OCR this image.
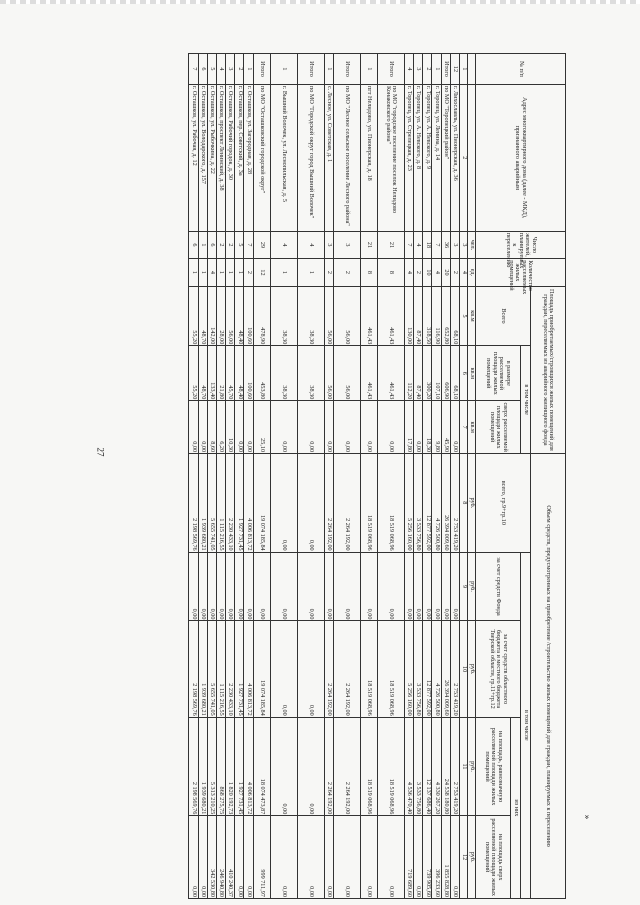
27
»
№ п/п	Адрес многоквартирного дома (далее - МКД), признанного аварийным	Число жителей, планируемых к переселению	Количество расселяемых жилых помещений	Площадь приобретаемых/строящихся жилых помещений для граждан, переселяемых из аварийного жилищного фонда			Объем средств, предусмотренных на приобретение /строительство жилых помещений для граждан, планируемых к переселению				
				Всего	в том числе		всего, гр.9+гр.10	в том числе			
					в размере расселяемой площади жилых помещений	сверх расселяемой площади жилых помещений		за счет средств Фонда	за счет средств областного бюджета и местного бюджета Тверской области, гр.11+гр.12	из них	
										на площадь, равнозначную расселяемой площади жилых помещений	на площадь сверх расселяемой площади жилых помещений
		чел.	ед.	кв.м	кв.м	кв.м	руб.	руб.	руб.	руб.	руб.
1	2	3	4	5	6	7	8	9	10	11	12
12	г. Лихославль, ул. Пионерская, д. 36	3	2	68,10	68,10	0,00	2 753 419,20	0,00	2 753 419,20	2 753 419,20	0,00
Итого	по МО "Торопецкий район"	36	20	652,80	606,90	45,90	26 394 009,60	0,00	26 394 009,60	24 538 180,80	1 855 828,80
1	г. Торопец, ул. Ленина, д. 14	7	4	116,90	107,10	9,80	4 726 500,80	0,00	4 726 500,80	4 330 267,20	396 233,60
2	г. Торопец, ул. А. Невского, д. 9	18	10	318,50	300,20	18,30	12 877 592,00	0,00	12 877 592,00	12 137 686,40	739 905,60
3	г. Торопец, ул. А. Невского, д. 8	4	2	87,40	87,40	0,00	3 533 756,80	0,00	3 533 756,80	3 533 756,80	0,00
4	г. Торопец, ул. Стрелецкая, д. 23	7	4	130,00	112,20	17,80	5 256 160,00	0,00	5 256 160,00	4 536 470,40	719 689,60
Итого	по МО "городское поселение поселок Нелидово Конаковского района"	21	8	461,43	461,43	0,00	18 519 068,96	0,00	18 519 068,96	18 519 068,96	0,00
1	пгт Нелидово, ул. Пионерская, д. 18	21	8	461,43	461,43	0,00	18 519 068,96	0,00	18 519 068,96	18 519 068,96	0,00
Итого	по МО "Лесное сельское поселение Лесного района"	3	2	56,00	56,00	0,00	2 264 192,00	0,00	2 264 192,00	2 264 192,00	0,00
1	с. Лесное, ул. Советская, д. 1	3	2	56,00	56,00	0,00	2 264 192,00	0,00	2 264 192,00	2 264 192,00	0,00
Итого	по МО "Городской округ город Вышний Волочек"	4	1	38,30	38,30	0,00	0,00	0,00	0,00	0,00	0,00
1	г. Вышний Волочек, ул. Леснопильская, д. 5	4	1	38,30	38,30	0,00	0,00	0,00	0,00	0,00	0,00
Итого	по МО "Осташковский городской округ"	29	12	478,90	453,80	25,10	19 074 185,84	0,00	19 074 185,84	18 074 473,87	999 711,97
1	г. Осташков, ул. Загородная, д. 28	7	2	100,60	100,60	0,00	4 006 813,72	0,00	4 006 813,72	4 006 813,72	0,00
2	г. Осташков, пер. Советский, д. 3а	5	1	48,40	48,40	0,00	1 927 731,45	0,00	1 927 731,45	1 927 731,45	0,00
3	г. Осташков, Рабочий городок, д. 30	2	1	56,00	45,70	10,30	2 230 433,10	0,00	2 230 433,10	1 820 192,73	410 240,37
4	г. Осташков, проспект Ленинский, д. 38	2	1	28,00	21,80	6,20	1 115 216,55	0,00	1 115 216,55	868 275,75	246 940,80
5	г. Осташков, ул. Рыбочкина, д. 22	6	4	142,00	133,40	8,60	5 655 741,05	0,00	5 655 741,05	5 313 210,25	342 530,80
6	г. Осташков, ул. Володарского, д. 157	1	1	48,70	48,70	0,00	1 939 680,21	0,00	1 939 680,21	1 939 680,21	0,00
7	г. Осташков, ул. Рабочая, д. 12	6	1	55,20	55,20	0,00	2 198 569,76	0,00	2 198 569,76	2 198 569,76	0,00
